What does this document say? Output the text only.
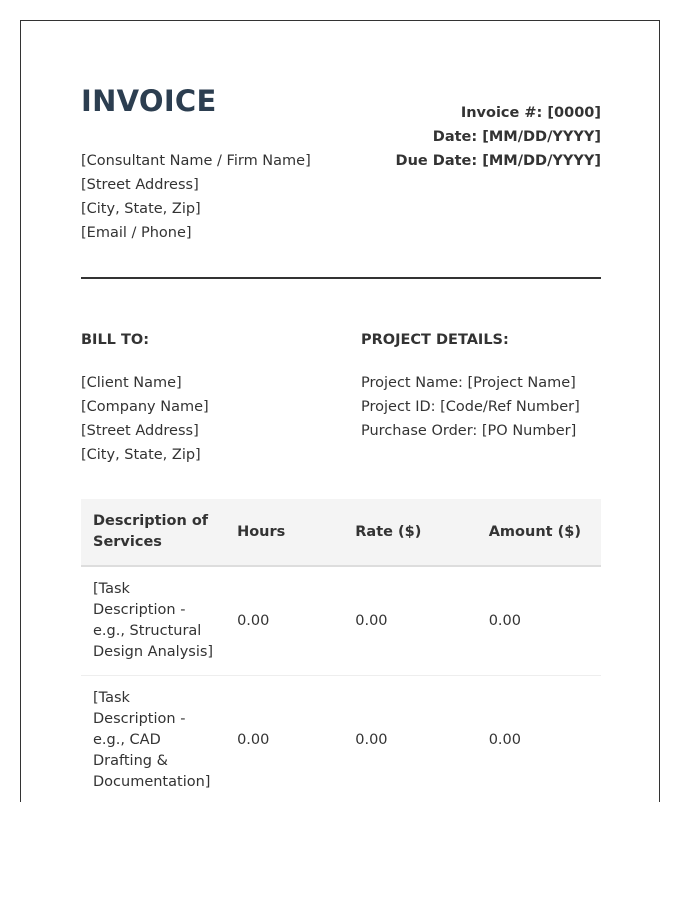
INVOICE
[Consultant Name / Firm Name]
[Street Address]
[City, State, Zip]
[Email / Phone]
Invoice #: [0000]
Date: [MM/DD/YYYY]
Due Date: [MM/DD/YYYY]
BILL TO:
[Client Name]
[Company Name]
[Street Address]
[City, State, Zip]
PROJECT DETAILS:
Project Name: [Project Name]
Project ID: [Code/Ref Number]
Purchase Order: [PO Number]
Description of Services	Hours	Rate ($)	Amount ($)
[Task Description - e.g., Structural Design Analysis]	0.00	0.00	0.00
[Task Description - e.g., CAD Drafting & Documentation]	0.00	0.00	0.00
